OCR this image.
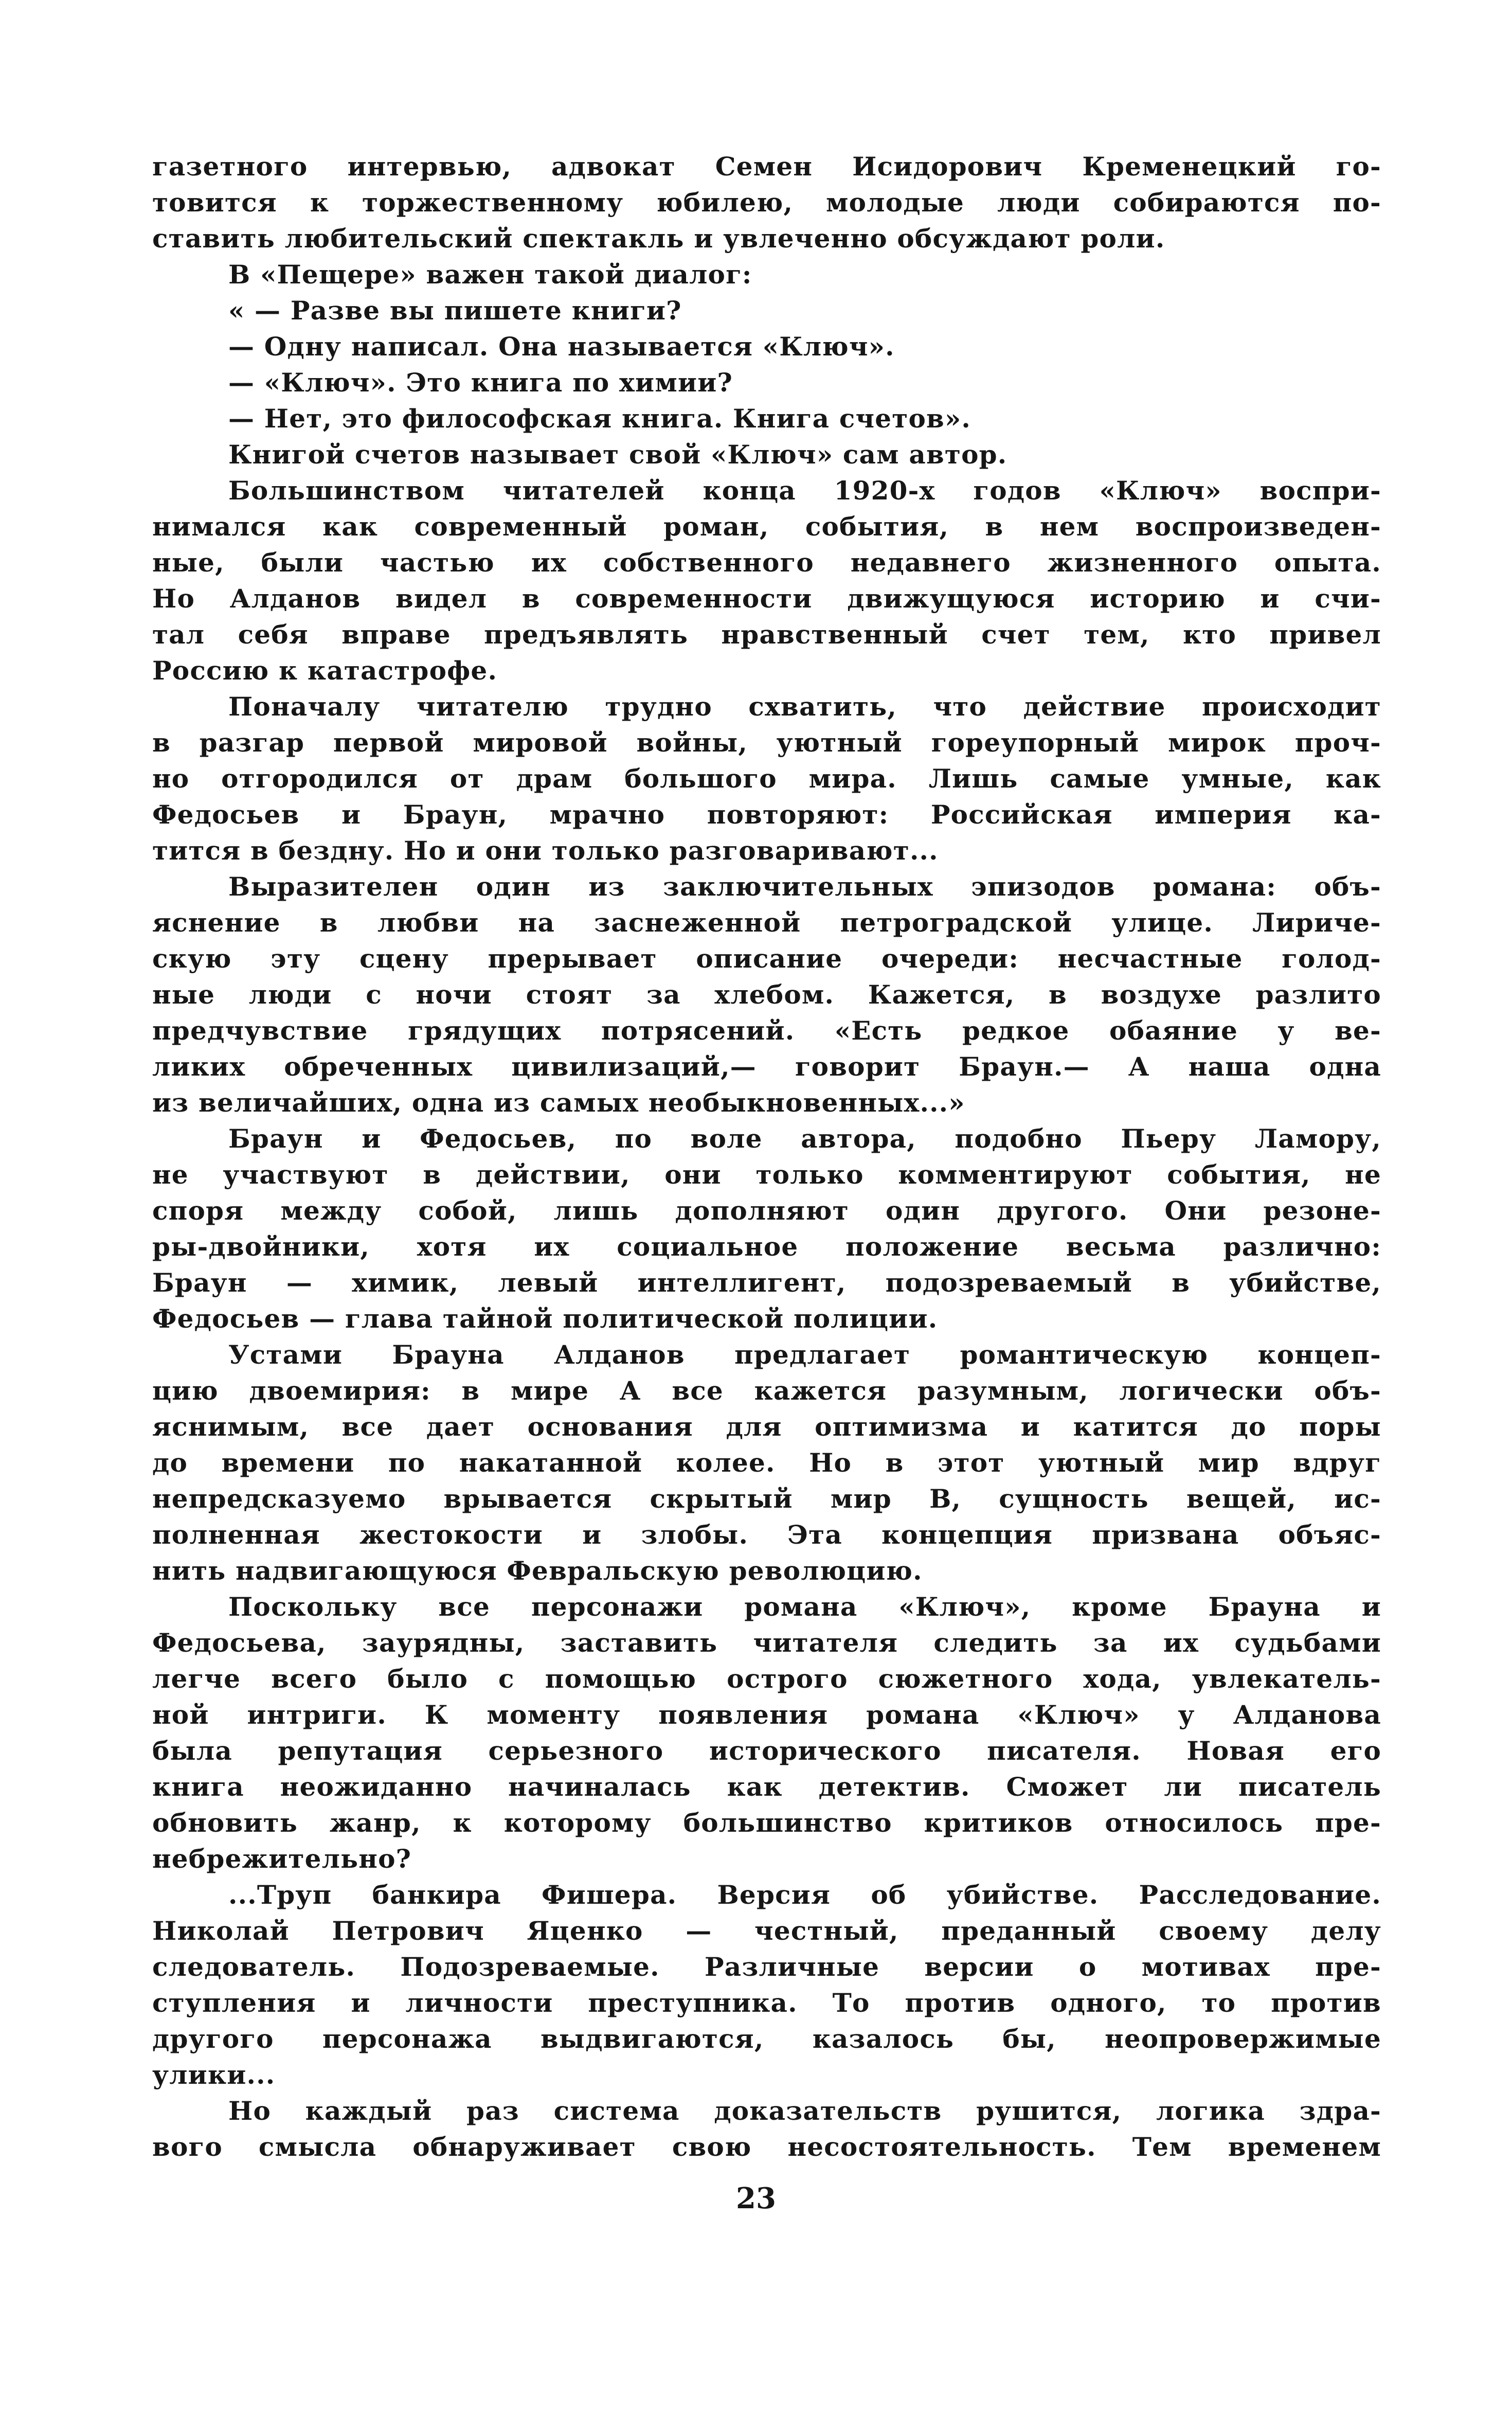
газетного интервью, адвокат Семен Исидорович Кременецкий го-
товится к торжественному юбилею, молодые люди собираются по-
ставить любительский спектакль и увлеченно обсуждают роли.
В «Пещере» важен такой диалог:
« — Разве вы пишете книги?
— Одну написал. Она называется «Ключ».
— «Ключ». Это книга по химии?
— Нет, это философская книга. Книга счетов».
Книгой счетов называет свой «Ключ» сам автор.
Большинством читателей конца 1920-х годов «Ключ» воспри-
нимался как современный роман, события, в нем воспроизведен-
ные, были частью их собственного недавнего жизненного опыта.
Но Алданов видел в современности движущуюся историю и счи-
тал себя вправе предъявлять нравственный счет тем, кто привел
Россию к катастрофе.
Поначалу читателю трудно схватить, что действие происходит
в разгар первой мировой войны, уютный гореупорный мирок проч-
но отгородился от драм большого мира. Лишь самые умные, как
Федосьев и Браун, мрачно повторяют: Российская империя ка-
тится в бездну. Но и они только разговаривают...
Выразителен один из заключительных эпизодов романа: объ-
яснение в любви на заснеженной петроградской улице. Лириче-
скую эту сцену прерывает описание очереди: несчастные голод-
ные люди с ночи стоят за хлебом. Кажется, в воздухе разлито
предчувствие грядущих потрясений. «Есть редкое обаяние у ве-
ликих обреченных цивилизаций,— говорит Браун.— А наша одна
из величайших, одна из самых необыкновенных...»
Браун и Федосьев, по воле автора, подобно Пьеру Ламору,
не участвуют в действии, они только комментируют события, не
споря между собой, лишь дополняют один другого. Они резоне-
ры-двойники, хотя их социальное положение весьма различно:
Браун — химик, левый интеллигент, подозреваемый в убийстве,
Федосьев — глава тайной политической полиции.
Устами Брауна Алданов предлагает романтическую концеп-
цию двоемирия: в мире А все кажется разумным, логически объ-
яснимым, все дает основания для оптимизма и катится до поры
до времени по накатанной колее. Но в этот уютный мир вдруг
непредсказуемо врывается скрытый мир В, сущность вещей, ис-
полненная жестокости и злобы. Эта концепция призвана объяс-
нить надвигающуюся Февральскую революцию.
Поскольку все персонажи романа «Ключ», кроме Брауна и
Федосьева, заурядны, заставить читателя следить за их судьбами
легче всего было с помощью острого сюжетного хода, увлекатель-
ной интриги. К моменту появления романа «Ключ» у Алданова
была репутация серьезного исторического писателя. Новая его
книга неожиданно начиналась как детектив. Сможет ли писатель
обновить жанр, к которому большинство критиков относилось пре-
небрежительно?
...Труп банкира Фишера. Версия об убийстве. Расследование.
Николай Петрович Яценко — честный, преданный своему делу
следователь. Подозреваемые. Различные версии о мотивах пре-
ступления и личности преступника. То против одного, то против
другого персонажа выдвигаются, казалось бы, неопровержимые
улики...
Но каждый раз система доказательств рушится, логика здра-
вого смысла обнаруживает свою несостоятельность. Тем временем
23
